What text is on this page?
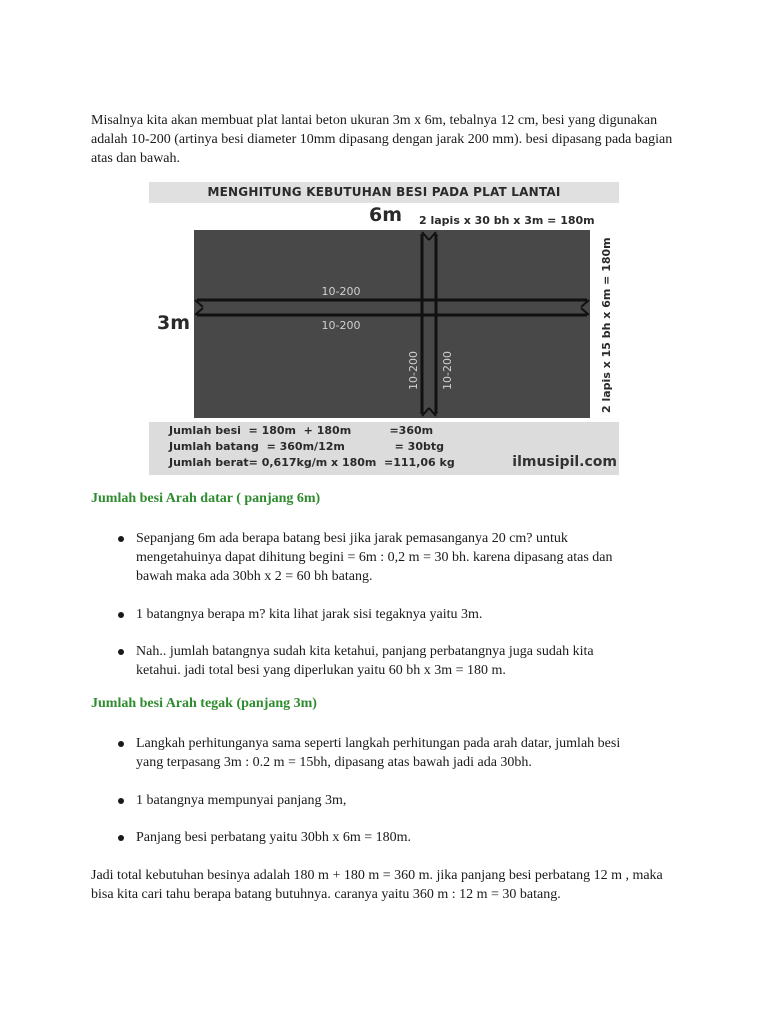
Misalnya kita akan membuat plat lantai beton ukuran 3m x 6m, tebalnya 12 cm, besi yang digunakan adalah 10-200 (artinya besi diameter 10mm dipasang dengan jarak 200 mm). besi dipasang pada bagian atas dan bawah.

MENGHITUNG KEBUTUHAN BESI PADA PLAT LANTAI
6m 2 lapis x 30 bh x 3m = 180m
3m	2 lapis x 15 bh x 6m = 180m
10-200
10-200
10-200 10-200
Jumlah besi  = 180m  + 180m          =360m
Jumlah batang  = 360m/12m             = 30btg
Jumlah berat= 0,617kg/m x 180m  =111,06 kg	ilmusipil.com

Jumlah besi Arah datar ( panjang 6m)

Sepanjang 6m ada berapa batang besi jika jarak pemasanganya 20 cm? untuk mengetahuinya dapat dihitung begini = 6m : 0,2 m = 30 bh. karena dipasang atas dan bawah maka ada 30bh x 2 = 60 bh batang.
1 batangnya berapa m? kita lihat jarak sisi tegaknya yaitu 3m.
Nah.. jumlah batangnya sudah kita ketahui, panjang perbatangnya juga sudah kita ketahui. jadi total besi yang diperlukan yaitu 60 bh x 3m = 180 m.

Jumlah besi Arah tegak (panjang 3m)

Langkah perhitunganya sama seperti langkah perhitungan pada arah datar, jumlah besi yang terpasang 3m : 0.2 m = 15bh, dipasang atas bawah jadi ada 30bh.
1 batangnya mempunyai panjang 3m,
Panjang besi perbatang yaitu 30bh x 6m = 180m.

Jadi total kebutuhan besinya adalah 180 m + 180 m = 360 m. jika panjang besi perbatang 12 m , maka bisa kita cari tahu berapa batang butuhnya. caranya yaitu 360 m : 12 m = 30 batang.
